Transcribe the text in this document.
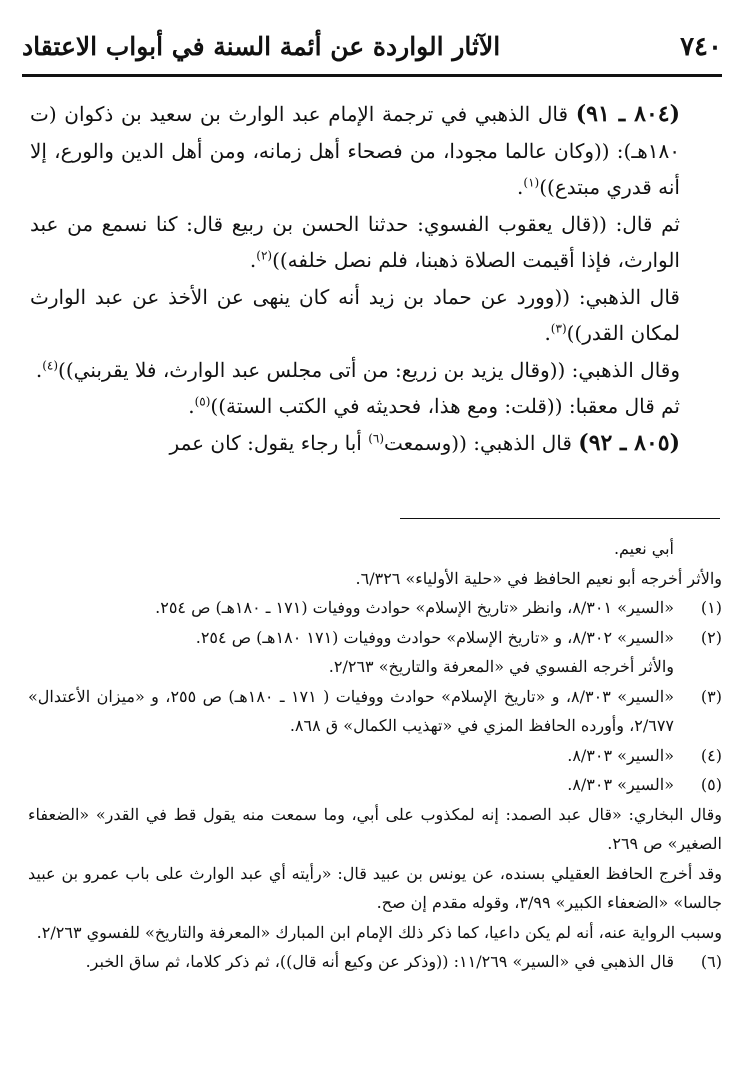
٧٤٠
الآثار الواردة عن أئمة السنة في أبواب الاعتقاد

(٨٠٤ ـ ٩١) قال الذهبي في ترجمة الإمام عبد الوارث بن سعيد بن ذكوان (ت ١٨٠هـ): ((وكان عالما مجودا، من فصحاء أهل زمانه، ومن أهل الدين والورع، إلا أنه قدري مبتدع))$^{(١)}$.

ثم قال: ((قال يعقوب الفسوي: حدثنا الحسن بن ربيع قال: كنا نسمع من عبد الوارث، فإذا أقيمت الصلاة ذهبنا، فلم نصل خلفه))$^{(٢)}$.

قال الذهبي: ((وورد عن حماد بن زيد أنه كان ينهى عن الأخذ عن عبد الوارث لمكان القدر))$^{(٣)}$.

وقال الذهبي: ((وقال يزيد بن زريع: من أتى مجلس عبد الوارث، فلا يقربني))$^{(٤)}$.

ثم قال معقبا: ((قلت: ومع هذا، فحديثه في الكتب الستة))$^{(٥)}$.

(٨٠٥ ـ ٩٢) قال الذهبي: ((وسمعت$^{(٦)}$ أبا رجاء يقول: كان عمر

أبي نعيم.

والأثر أخرجه أبو نعيم الحافظ في «حلية الأولياء» ٦/٣٢٦.

(١)
«السير» ٨/٣٠١، وانظر «تاريخ الإسلام» حوادث ووفيات (١٧١ ـ ١٨٠هـ) ص ٢٥٤.

(٢)
«السير» ٨/٣٠٢، و «تاريخ الإسلام» حوادث ووفيات (١٧١ ١٨٠هـ) ص ٢٥٤.

والأثر أخرجه الفسوي في «المعرفة والتاريخ» ٢/٢٦٣.

(٣)
«السير» ٨/٣٠٣، و «تاريخ الإسلام» حوادث ووفيات ( ١٧١ ـ ١٨٠هـ) ص ٢٥٥، و «ميزان الأعتدال» ٢/٦٧٧، وأورده الحافظ المزي في «تهذيب الكمال» ق ٨٦٨.

(٤)
«السير» ٨/٣٠٣.

(٥)
«السير» ٨/٣٠٣.

وقال البخاري: «قال عبد الصمد: إنه لمكذوب على أبي، وما سمعت منه يقول قط في القدر» «الضعفاء الصغير» ص ٢٦٩.

وقد أخرج الحافظ العقيلي بسنده، عن يونس بن عبيد قال: «رأيته أي عبد الوارث على باب عمرو بن عبيد جالسا» «الضعفاء الكبير» ٣/٩٩، وقوله مقدم إن صح.

وسبب الرواية عنه، أنه لم يكن داعيا، كما ذكر ذلك الإمام ابن المبارك «المعرفة والتاريخ» للفسوي ٢/٢٦٣.

(٦)
قال الذهبي في «السير» ١١/٢٦٩: ((وذكر عن وكيع أنه قال))، ثم ذكر كلاما، ثم ساق الخبر.
